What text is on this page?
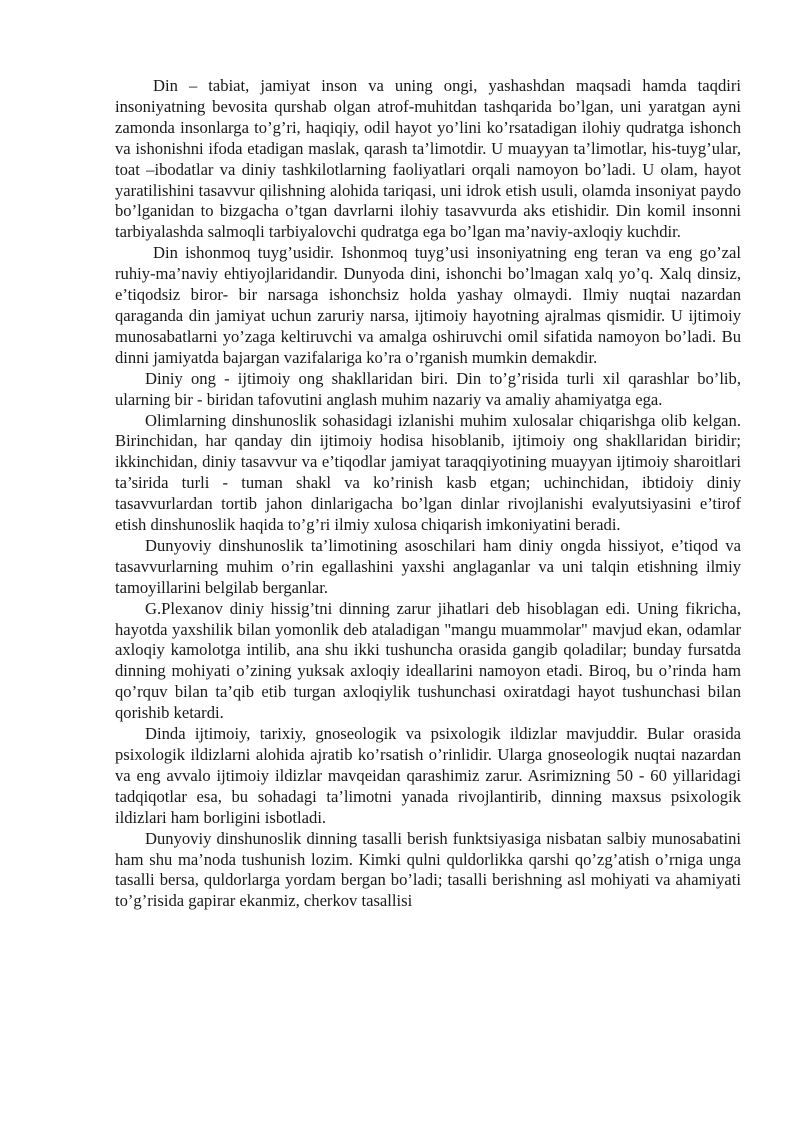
Din – tabiat, jamiyat inson va uning ongi, yashashdan maqsadi hamda taqdiri insoniyatning bevosita qurshab olgan atrof-muhitdan tashqarida bo’lgan, uni yaratgan ayni zamonda insonlarga to’g’ri, haqiqiy, odil hayot yo’lini ko’rsatadigan ilohiy qudratga ishonch va ishonishni ifoda etadigan maslak, qarash ta’limotdir. U muayyan ta’limotlar, his-tuyg’ular, toat –ibodatlar va diniy tashkilotlarning faoliyatlari orqali namoyon bo’ladi. U olam, hayot yaratilishini tasavvur qilishning alohida tariqasi, uni idrok etish usuli, olamda insoniyat paydo bo’lganidan to bizgacha o’tgan davrlarni ilohiy tasavvurda aks etishidir. Din komil insonni tarbiyalashda salmoqli tarbiyalovchi qudratga ega bo’lgan ma’naviy-axloqiy kuchdir.

Din ishonmoq tuyg’usidir. Ishonmoq tuyg’usi insoniyatning eng teran va eng go’zal ruhiy-ma’naviy ehtiyojlaridandir. Dunyoda dini, ishonchi bo’lmagan xalq yo’q. Xalq dinsiz, e’tiqodsiz biror- bir narsaga ishonchsiz holda yashay olmaydi. Ilmiy nuqtai nazardan qaraganda din jamiyat uchun zaruriy narsa, ijtimoiy hayotning ajralmas qismidir. U ijtimoiy munosabatlarni yo’zaga keltiruvchi va amalga oshiruvchi omil sifatida namoyon bo’ladi. Bu dinni jamiyatda bajargan vazifalariga ko’ra o’rganish mumkin demakdir.

Diniy ong - ijtimoiy ong shakllaridan biri. Din to’g’risida turli xil qarashlar bo’lib, ularning bir - biridan tafovutini anglash muhim nazariy va amaliy ahamiyatga ega.

Olimlarning dinshunoslik sohasidagi izlanishi muhim xulosalar chiqarishga olib kelgan. Birinchidan, har qanday din ijtimoiy hodisa hisoblanib, ijtimoiy ong shakllaridan biridir; ikkinchidan, diniy tasavvur va e’tiqodlar jamiyat taraqqiyotining muayyan ijtimoiy sharoitlari ta’sirida turli - tuman shakl va ko’rinish kasb etgan; uchinchidan, ibtidoiy diniy tasavvurlardan tortib jahon dinlarigacha bo’lgan dinlar rivojlanishi evalyutsiyasini e’tirof etish dinshunoslik haqida to’g’ri ilmiy xulosa chiqarish imkoniyatini beradi.

Dunyoviy dinshunoslik ta’limotining asoschilari ham diniy ongda hissiyot, e’tiqod va tasavvurlarning muhim o’rin egallashini yaxshi anglaganlar va uni talqin etishning ilmiy tamoyillarini belgilab berganlar.

G.Plexanov diniy hissig’tni dinning zarur jihatlari deb hisoblagan edi. Uning fikricha, hayotda yaxshilik bilan yomonlik deb ataladigan "mangu muammolar" mavjud ekan, odamlar axloqiy kamolotga intilib, ana shu ikki tushuncha orasida gangib qoladilar; bunday fursatda dinning mohiyati o’zining yuksak axloqiy ideallarini namoyon etadi. Biroq, bu o’rinda ham qo’rquv bilan ta’qib etib turgan axloqiylik tushunchasi oxiratdagi hayot tushunchasi bilan qorishib ketardi.

Dinda ijtimoiy, tarixiy, gnoseologik va psixologik ildizlar mavjuddir. Bular orasida psixologik ildizlarni alohida ajratib ko’rsatish o’rinlidir. Ularga gnoseologik nuqtai nazardan va eng avvalo ijtimoiy ildizlar mavqeidan qarashimiz zarur. Asrimizning 50 - 60 yillaridagi tadqiqotlar esa, bu sohadagi ta’limotni yanada rivojlantirib, dinning maxsus psixologik ildizlari ham borligini isbotladi.

Dunyoviy dinshunoslik dinning tasalli berish funktsiyasiga nisbatan salbiy munosabatini ham shu ma’noda tushunish lozim. Kimki qulni quldorlikka qarshi qo’zg’atish o’rniga unga tasalli bersa, quldorlarga yordam bergan bo’ladi; tasalli berishning asl mohiyati va ahamiyati to’g’risida gapirar ekanmiz, cherkov tasallisi
